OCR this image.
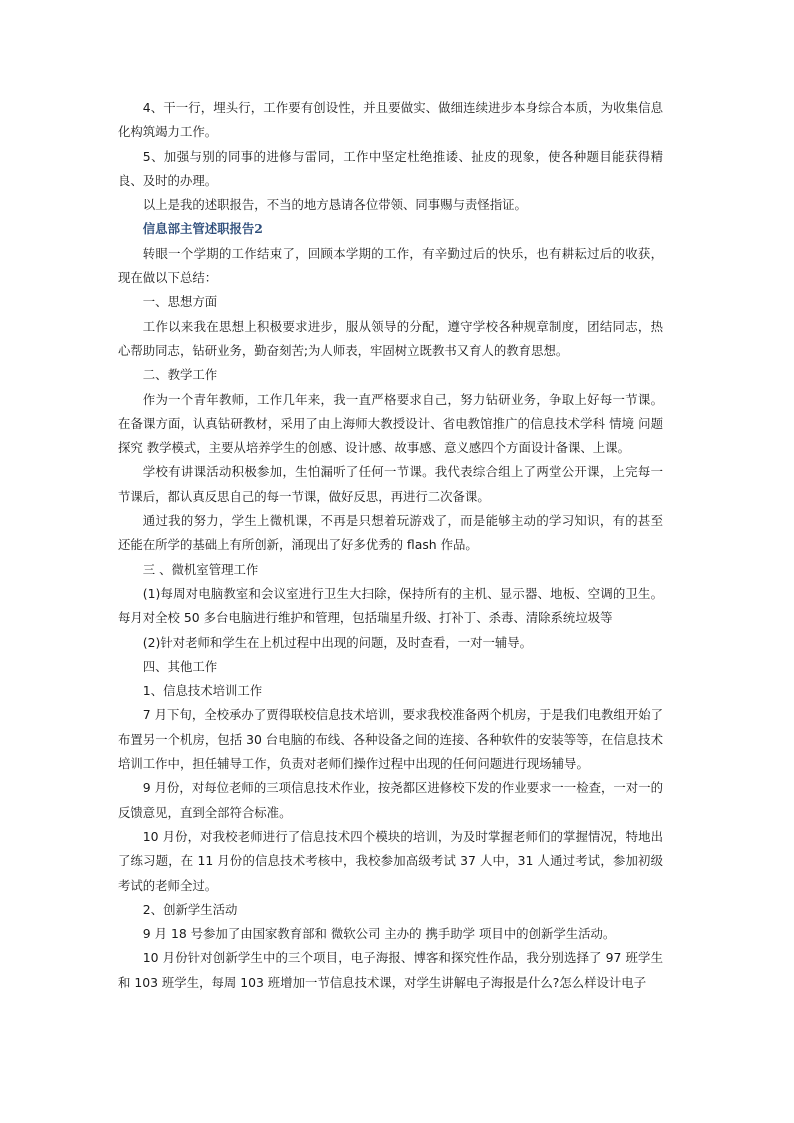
4、干一行，埋头行，工作要有创设性，并且要做实、做细连续进步本身综合本质，为收集信息化构筑竭力工作。

5、加强与别的同事的进修与雷同，工作中坚定杜绝推诿、扯皮的现象，使各种题目能获得精良、及时的办理。

以上是我的述职报告，不当的地方恳请各位带领、同事赐与责怪指证。

信息部主管述职报告2

转眼一个学期的工作结束了，回顾本学期的工作，有辛勤过后的快乐，也有耕耘过后的收获，现在做以下总结：

一、思想方面

工作以来我在思想上积极要求进步，服从领导的分配，遵守学校各种规章制度，团结同志，热心帮助同志，钻研业务，勤奋刻苦;为人师表，牢固树立既教书又育人的教育思想。

二、教学工作

作为一个青年教师，工作几年来，我一直严格要求自己，努力钻研业务，争取上好每一节课。在备课方面，认真钻研教材，采用了由上海师大教授设计、省电教馆推广的信息技术学科 情境 问题 探究 教学模式，主要从培养学生的创感、设计感、故事感、意义感四个方面设计备课、上课。

学校有讲课活动积极参加，生怕漏听了任何一节课。我代表综合组上了两堂公开课，上完每一节课后，都认真反思自己的每一节课，做好反思，再进行二次备课。

通过我的努力，学生上微机课，不再是只想着玩游戏了，而是能够主动的学习知识，有的甚至还能在所学的基础上有所创新，涌现出了好多优秀的 flash 作品。

三 、微机室管理工作

(1)每周对电脑教室和会议室进行卫生大扫除，保持所有的主机、显示器、地板、空调的卫生。每月对全校 50 多台电脑进行维护和管理，包括瑞星升级、打补丁、杀毒、清除系统垃圾等

(2)针对老师和学生在上机过程中出现的问题，及时查看，一对一辅导。

四、其他工作

1、信息技术培训工作

7 月下旬，全校承办了贾得联校信息技术培训，要求我校准备两个机房，于是我们电教组开始了布置另一个机房，包括 30 台电脑的布线、各种设备之间的连接、各种软件的安装等等，在信息技术培训工作中，担任辅导工作，负责对老师们操作过程中出现的任何问题进行现场辅导。

9 月份，对每位老师的三项信息技术作业，按尧都区进修校下发的作业要求一一检查，一对一的反馈意见，直到全部符合标准。

10 月份，对我校老师进行了信息技术四个模块的培训，为及时掌握老师们的掌握情况，特地出了练习题，在 11 月份的信息技术考核中，我校参加高级考试 37 人中，31 人通过考试，参加初级考试的老师全过。

2、创新学生活动

9 月 18 号参加了由国家教育部和 微软公司 主办的 携手助学 项目中的创新学生活动。

10 月份针对创新学生中的三个项目，电子海报、博客和探究性作品，我分别选择了 97 班学生和 103 班学生，每周 103 班增加一节信息技术课，对学生讲解电子海报是什么?怎么样设计电子
